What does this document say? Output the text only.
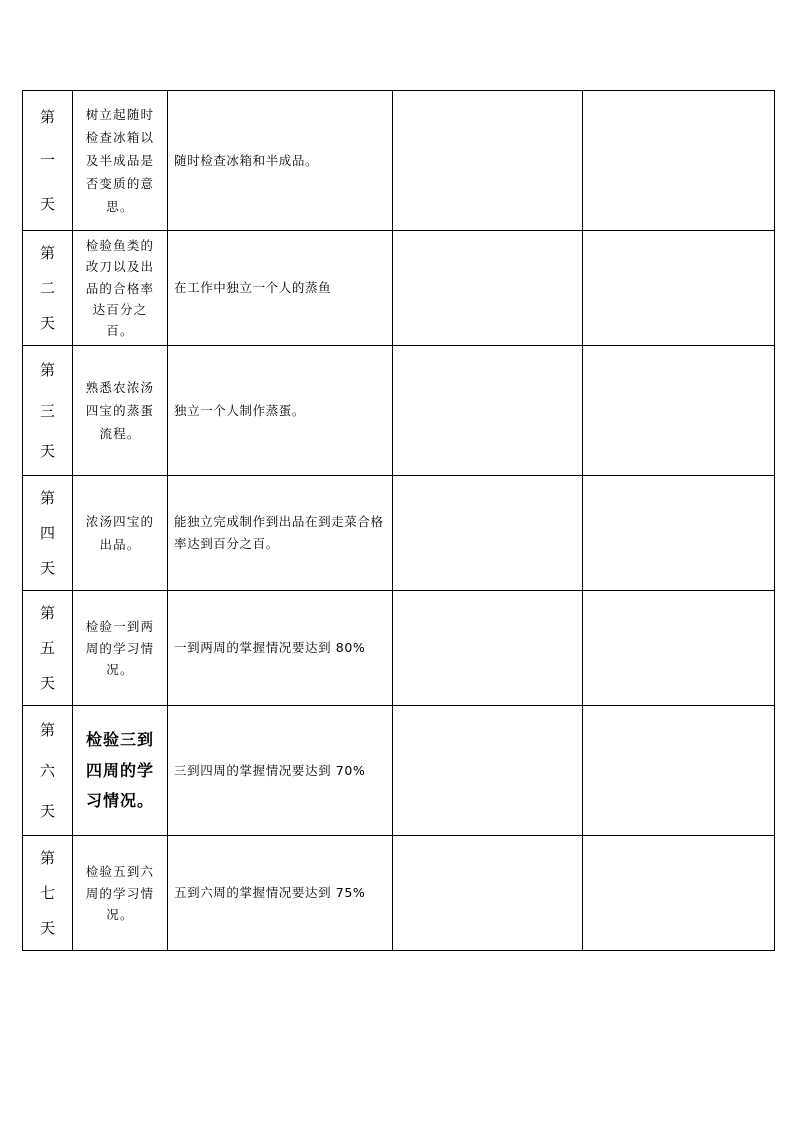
第
一
天	树立起随时检查冰箱以及半成品是否变质的意思。	随时检查冰箱和半成品。		

第
二
天	检验鱼类的改刀以及出品的合格率达百分之百。	在工作中独立一个人的蒸鱼		

第
三
天	熟悉农浓汤四宝的蒸蛋流程。	独立一个人制作蒸蛋。		

第
四
天	浓汤四宝的出品。	能独立完成制作到出品在到走菜合格率达到百分之百。		

第
五
天	检验一到两周的学习情况。	一到两周的掌握情况要达到 80%		

第
六
天	检验三到四周的学习情况。	三到四周的掌握情况要达到 70%		

第
七
天	检验五到六周的学习情况。	五到六周的掌握情况要达到 75%		
